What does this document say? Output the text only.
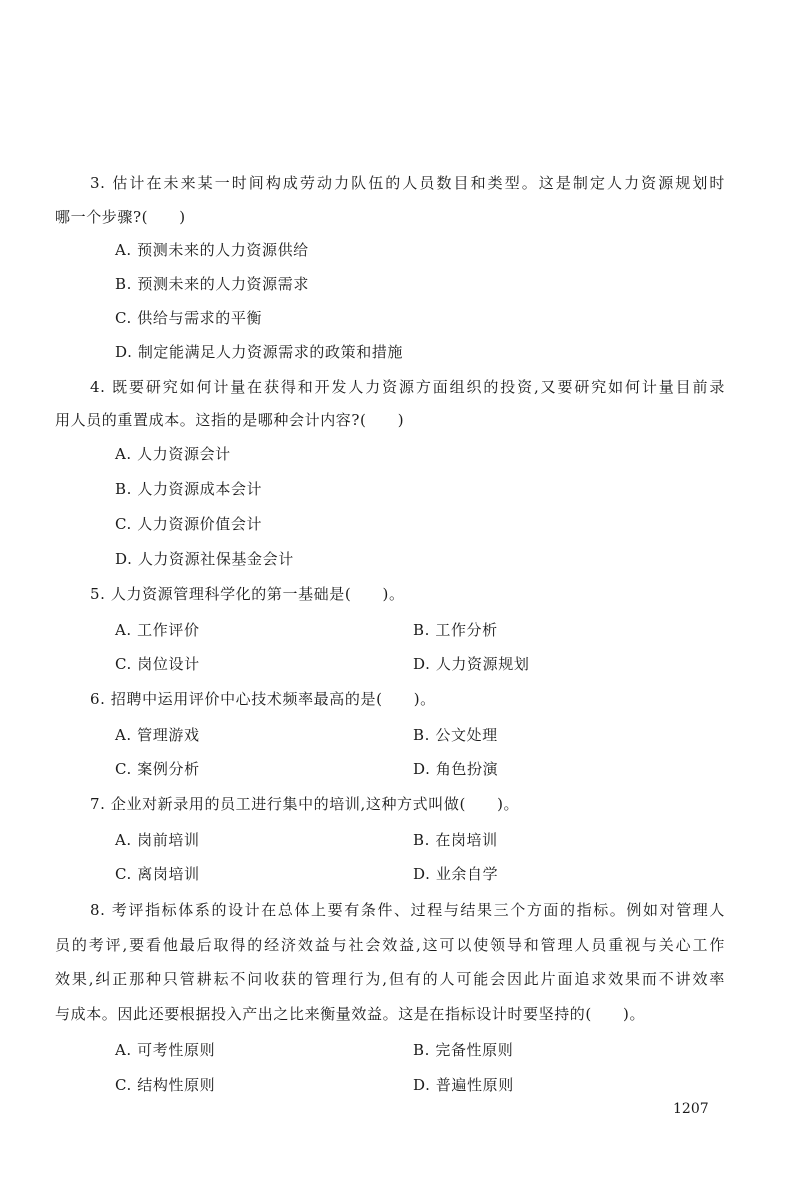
3. 估计在未来某一时间构成劳动力队伍的人员数目和类型。这是制定人力资源规划时
哪一个步骤?(　　)
A. 预测未来的人力资源供给
B. 预测未来的人力资源需求
C. 供给与需求的平衡
D. 制定能满足人力资源需求的政策和措施
4. 既要研究如何计量在获得和开发人力资源方面组织的投资,又要研究如何计量目前录
用人员的重置成本。这指的是哪种会计内容?(　　)
A. 人力资源会计
B. 人力资源成本会计
C. 人力资源价值会计
D. 人力资源社保基金会计
5. 人力资源管理科学化的第一基础是(　　)。
A. 工作评价	B. 工作分析
C. 岗位设计	D. 人力资源规划
6. 招聘中运用评价中心技术频率最高的是(　　)。
A. 管理游戏	B. 公文处理
C. 案例分析	D. 角色扮演
7. 企业对新录用的员工进行集中的培训,这种方式叫做(　　)。
A. 岗前培训	B. 在岗培训
C. 离岗培训	D. 业余自学
8. 考评指标体系的设计在总体上要有条件、过程与结果三个方面的指标。例如对管理人
员的考评,要看他最后取得的经济效益与社会效益,这可以使领导和管理人员重视与关心工作
效果,纠正那种只管耕耘不问收获的管理行为,但有的人可能会因此片面追求效果而不讲效率
与成本。因此还要根据投入产出之比来衡量效益。这是在指标设计时要坚持的(　　)。
A. 可考性原则	B. 完备性原则
C. 结构性原则	D. 普遍性原则
1207
